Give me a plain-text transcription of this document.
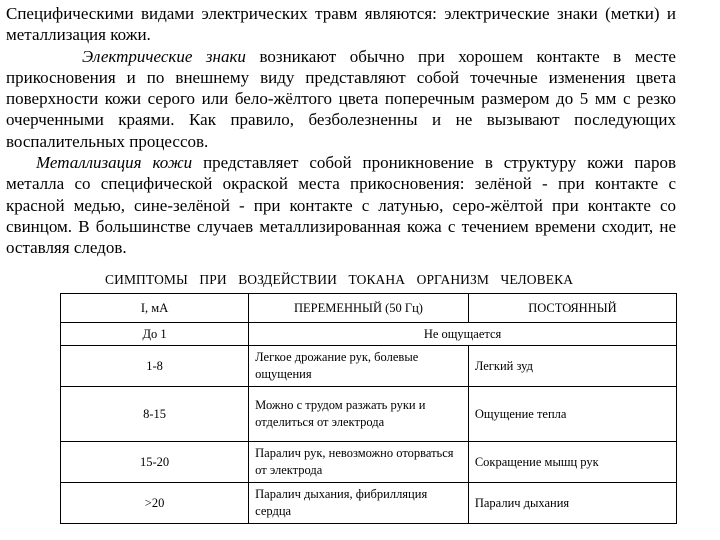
Специфическими видами электрических травм являются: электрические знаки (метки) и металлизация кожи.

Электрические знаки возникают обычно при хорошем контакте в месте прикосновения и по внешнему виду представляют собой точечные изменения цвета поверхности кожи серого или бело-жёлтого цвета поперечным размером до 5 мм с резко очерченными краями. Как правило, безболезненны и не вызывают последующих воспалительных процессов.

Металлизация кожи представляет собой проникновение в структуру кожи паров металла со специфической окраской места прикосновения: зелёной - при контакте с красной медью, сине-зелёной - при контакте с латунью, серо-жёлтой при контакте со свинцом. В большинстве случаев металлизированная кожа с течением времени сходит, не оставляя следов.

СИМПТОМЫ ПРИ ВОЗДЕЙСТВИИ ТОКАНА ОРГАНИЗМ ЧЕЛОВЕКА
I, мА	ПЕРЕМЕННЫЙ (50 Гц)	ПОСТОЯННЫЙ
До 1	Не ощущается	
1-8	Легкое дрожание рук, болевые ощущения	Легкий зуд
8-15	Можно с трудом разжать руки и отделиться от электрода	Ощущение тепла
15-20	Паралич рук, невозможно оторваться от электрода	Сокращение мышц рук
>20	Паралич дыхания, фибрилляция сердца	Паралич дыхания
